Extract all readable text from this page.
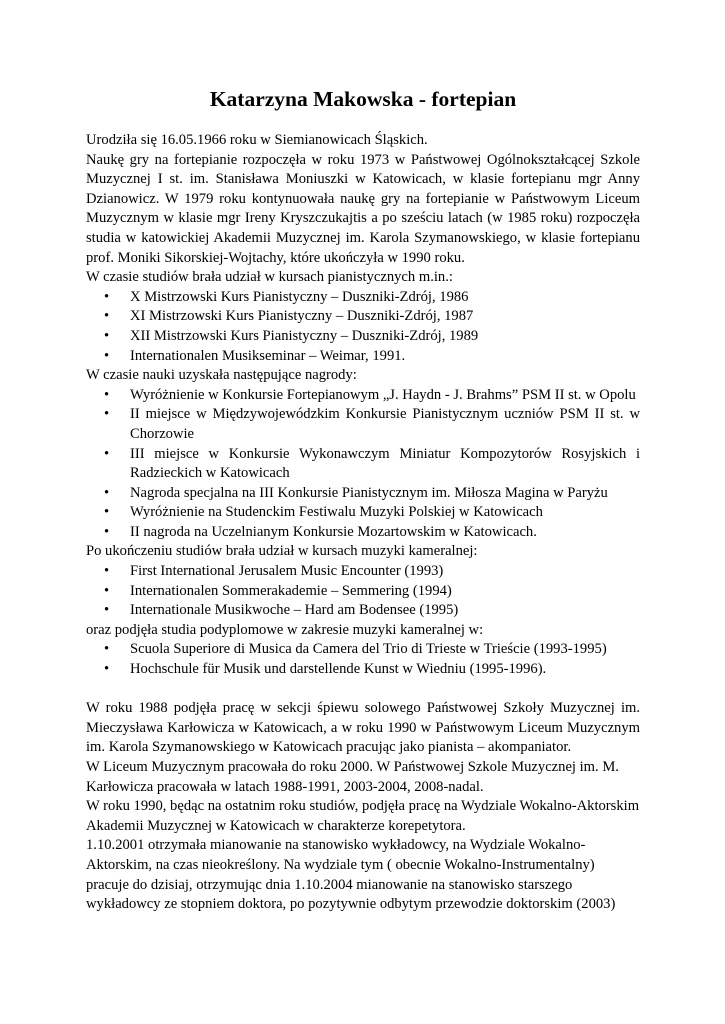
Katarzyna Makowska - fortepian

Urodziła się 16.05.1966 roku w Siemianowicach Śląskich.

Naukę gry na fortepianie rozpoczęła w roku 1973 w Państwowej Ogólnokształcącej Szkole Muzycznej I st. im. Stanisława Moniuszki w Katowicach, w klasie fortepianu mgr Anny Dzianowicz. W 1979 roku kontynuowała naukę gry na fortepianie w Państwowym Liceum Muzycznym w klasie mgr Ireny Kryszczukajtis a po sześciu latach (w 1985 roku) rozpoczęła studia w katowickiej Akademii Muzycznej im. Karola Szymanowskiego, w klasie fortepianu prof. Moniki Sikorskiej-Wojtachy, które ukończyła w 1990 roku.

W czasie studiów brała udział w kursach pianistycznych m.in.:

• X Mistrzowski Kurs Pianistyczny – Duszniki-Zdrój, 1986
• XI Mistrzowski Kurs Pianistyczny – Duszniki-Zdrój, 1987
• XII Mistrzowski Kurs Pianistyczny – Duszniki-Zdrój, 1989
• Internationalen Musikseminar – Weimar, 1991.

W czasie nauki uzyskała następujące nagrody:

• Wyróżnienie w Konkursie Fortepianowym „J. Haydn - J. Brahms” PSM II st. w Opolu
• II miejsce w Międzywojewódzkim Konkursie Pianistycznym uczniów PSM II st. w Chorzowie
• III miejsce w Konkursie Wykonawczym Miniatur Kompozytorów Rosyjskich i Radzieckich w Katowicach
• Nagroda specjalna na III Konkursie Pianistycznym im. Miłosza Magina w Paryżu
• Wyróżnienie na Studenckim Festiwalu Muzyki Polskiej w Katowicach
• II nagroda na Uczelnianym Konkursie Mozartowskim w Katowicach.

Po ukończeniu studiów brała udział w kursach muzyki kameralnej:

• First International Jerusalem Music Encounter (1993)
• Internationalen Sommerakademie – Semmering (1994)
• Internationale Musikwoche – Hard am Bodensee (1995)

oraz podjęła studia podyplomowe w zakresie muzyki kameralnej w:

• Scuola Superiore di Musica da Camera del Trio di Trieste w Trieście (1993-1995)
• Hochschule für Musik und darstellende Kunst w Wiedniu (1995-1996).

W roku 1988 podjęła pracę w sekcji śpiewu solowego Państwowej Szkoły Muzycznej im. Mieczysława Karłowicza w Katowicach, a w roku 1990 w Państwowym Liceum Muzycznym im. Karola Szymanowskiego w Katowicach pracując jako pianista – akompaniator.

W Liceum Muzycznym pracowała do roku 2000. W Państwowej Szkole Muzycznej im. M. Karłowicza pracowała w latach 1988-1991, 2003-2004, 2008-nadal.

W roku 1990, będąc na ostatnim roku studiów, podjęła pracę na Wydziale Wokalno-Aktorskim Akademii Muzycznej w Katowicach w charakterze korepetytora.

1.10.2001 otrzymała mianowanie na stanowisko wykładowcy, na Wydziale Wokalno-Aktorskim, na czas nieokreślony. Na wydziale tym ( obecnie Wokalno-Instrumentalny) pracuje do dzisiaj, otrzymując dnia 1.10.2004 mianowanie na stanowisko starszego wykładowcy ze stopniem doktora, po pozytywnie odbytym przewodzie doktorskim (2003)
